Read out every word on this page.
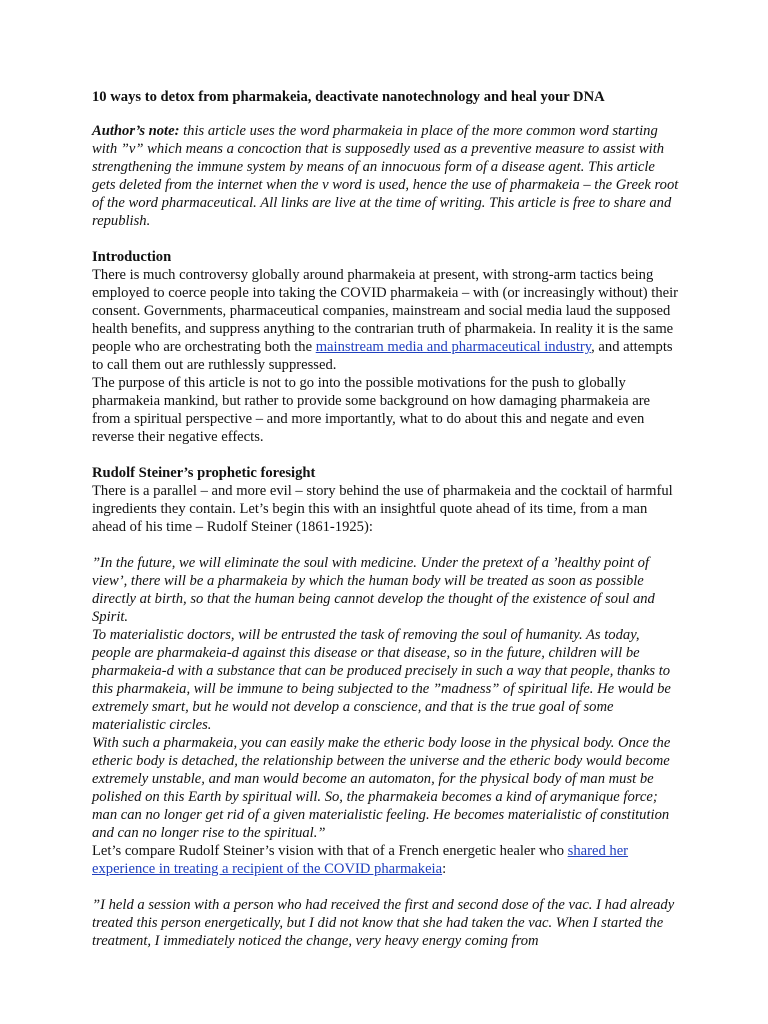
10 ways to detox from pharmakeia, deactivate nanotechnology and heal your DNA

Author’s note: this article uses the word pharmakeia in place of the more common word starting with ”v” which means a concoction that is supposedly used as a preventive measure to assist with strengthening the immune system by means of an innocuous form of a disease agent. This article gets deleted from the internet when the v word is used, hence the use of pharmakeia – the Greek root of the word pharmaceutical. All links are live at the time of writing. This article is free to share and republish.

Introduction

There is much controversy globally around pharmakeia at present, with strong-arm tactics being employed to coerce people into taking the COVID pharmakeia – with (or increasingly without) their consent. Governments, pharmaceutical companies, mainstream and social media laud the supposed health benefits, and suppress anything to the contrarian truth of pharmakeia. In reality it is the same people who are orchestrating both the mainstream media and pharmaceutical industry, and attempts to call them out are ruthlessly suppressed.

The purpose of this article is not to go into the possible motivations for the push to globally pharmakeia mankind, but rather to provide some background on how damaging pharmakeia are from a spiritual perspective – and more importantly, what to do about this and negate and even reverse their negative effects.

Rudolf Steiner’s prophetic foresight

There is a parallel – and more evil – story behind the use of pharmakeia and the cocktail of harmful ingredients they contain. Let’s begin this with an insightful quote ahead of its time, from a man ahead of his time – Rudolf Steiner (1861-1925):

”In the future, we will eliminate the soul with medicine. Under the pretext of a ’healthy point of view’, there will be a pharmakeia by which the human body will be treated as soon as possible directly at birth, so that the human being cannot develop the thought of the existence of soul and Spirit.

To materialistic doctors, will be entrusted the task of removing the soul of humanity. As today, people are pharmakeia-d against this disease or that disease, so in the future, children will be pharmakeia-d with a substance that can be produced precisely in such a way that people, thanks to this pharmakeia, will be immune to being subjected to the ”madness” of spiritual life. He would be extremely smart, but he would not develop a conscience, and that is the true goal of some materialistic circles.

With such a pharmakeia, you can easily make the etheric body loose in the physical body. Once the etheric body is detached, the relationship between the universe and the etheric body would become extremely unstable, and man would become an automaton, for the physical body of man must be polished on this Earth by spiritual will. So, the pharmakeia becomes a kind of arymanique force; man can no longer get rid of a given materialistic feeling. He becomes materialistic of constitution and can no longer rise to the spiritual.”

Let’s compare Rudolf Steiner’s vision with that of a French energetic healer who shared her experience in treating a recipient of the COVID pharmakeia:

”I held a session with a person who had received the first and second dose of the vac. I had already treated this person energetically, but I did not know that she had taken the vac. When I started the treatment, I immediately noticed the change, very heavy energy coming from
